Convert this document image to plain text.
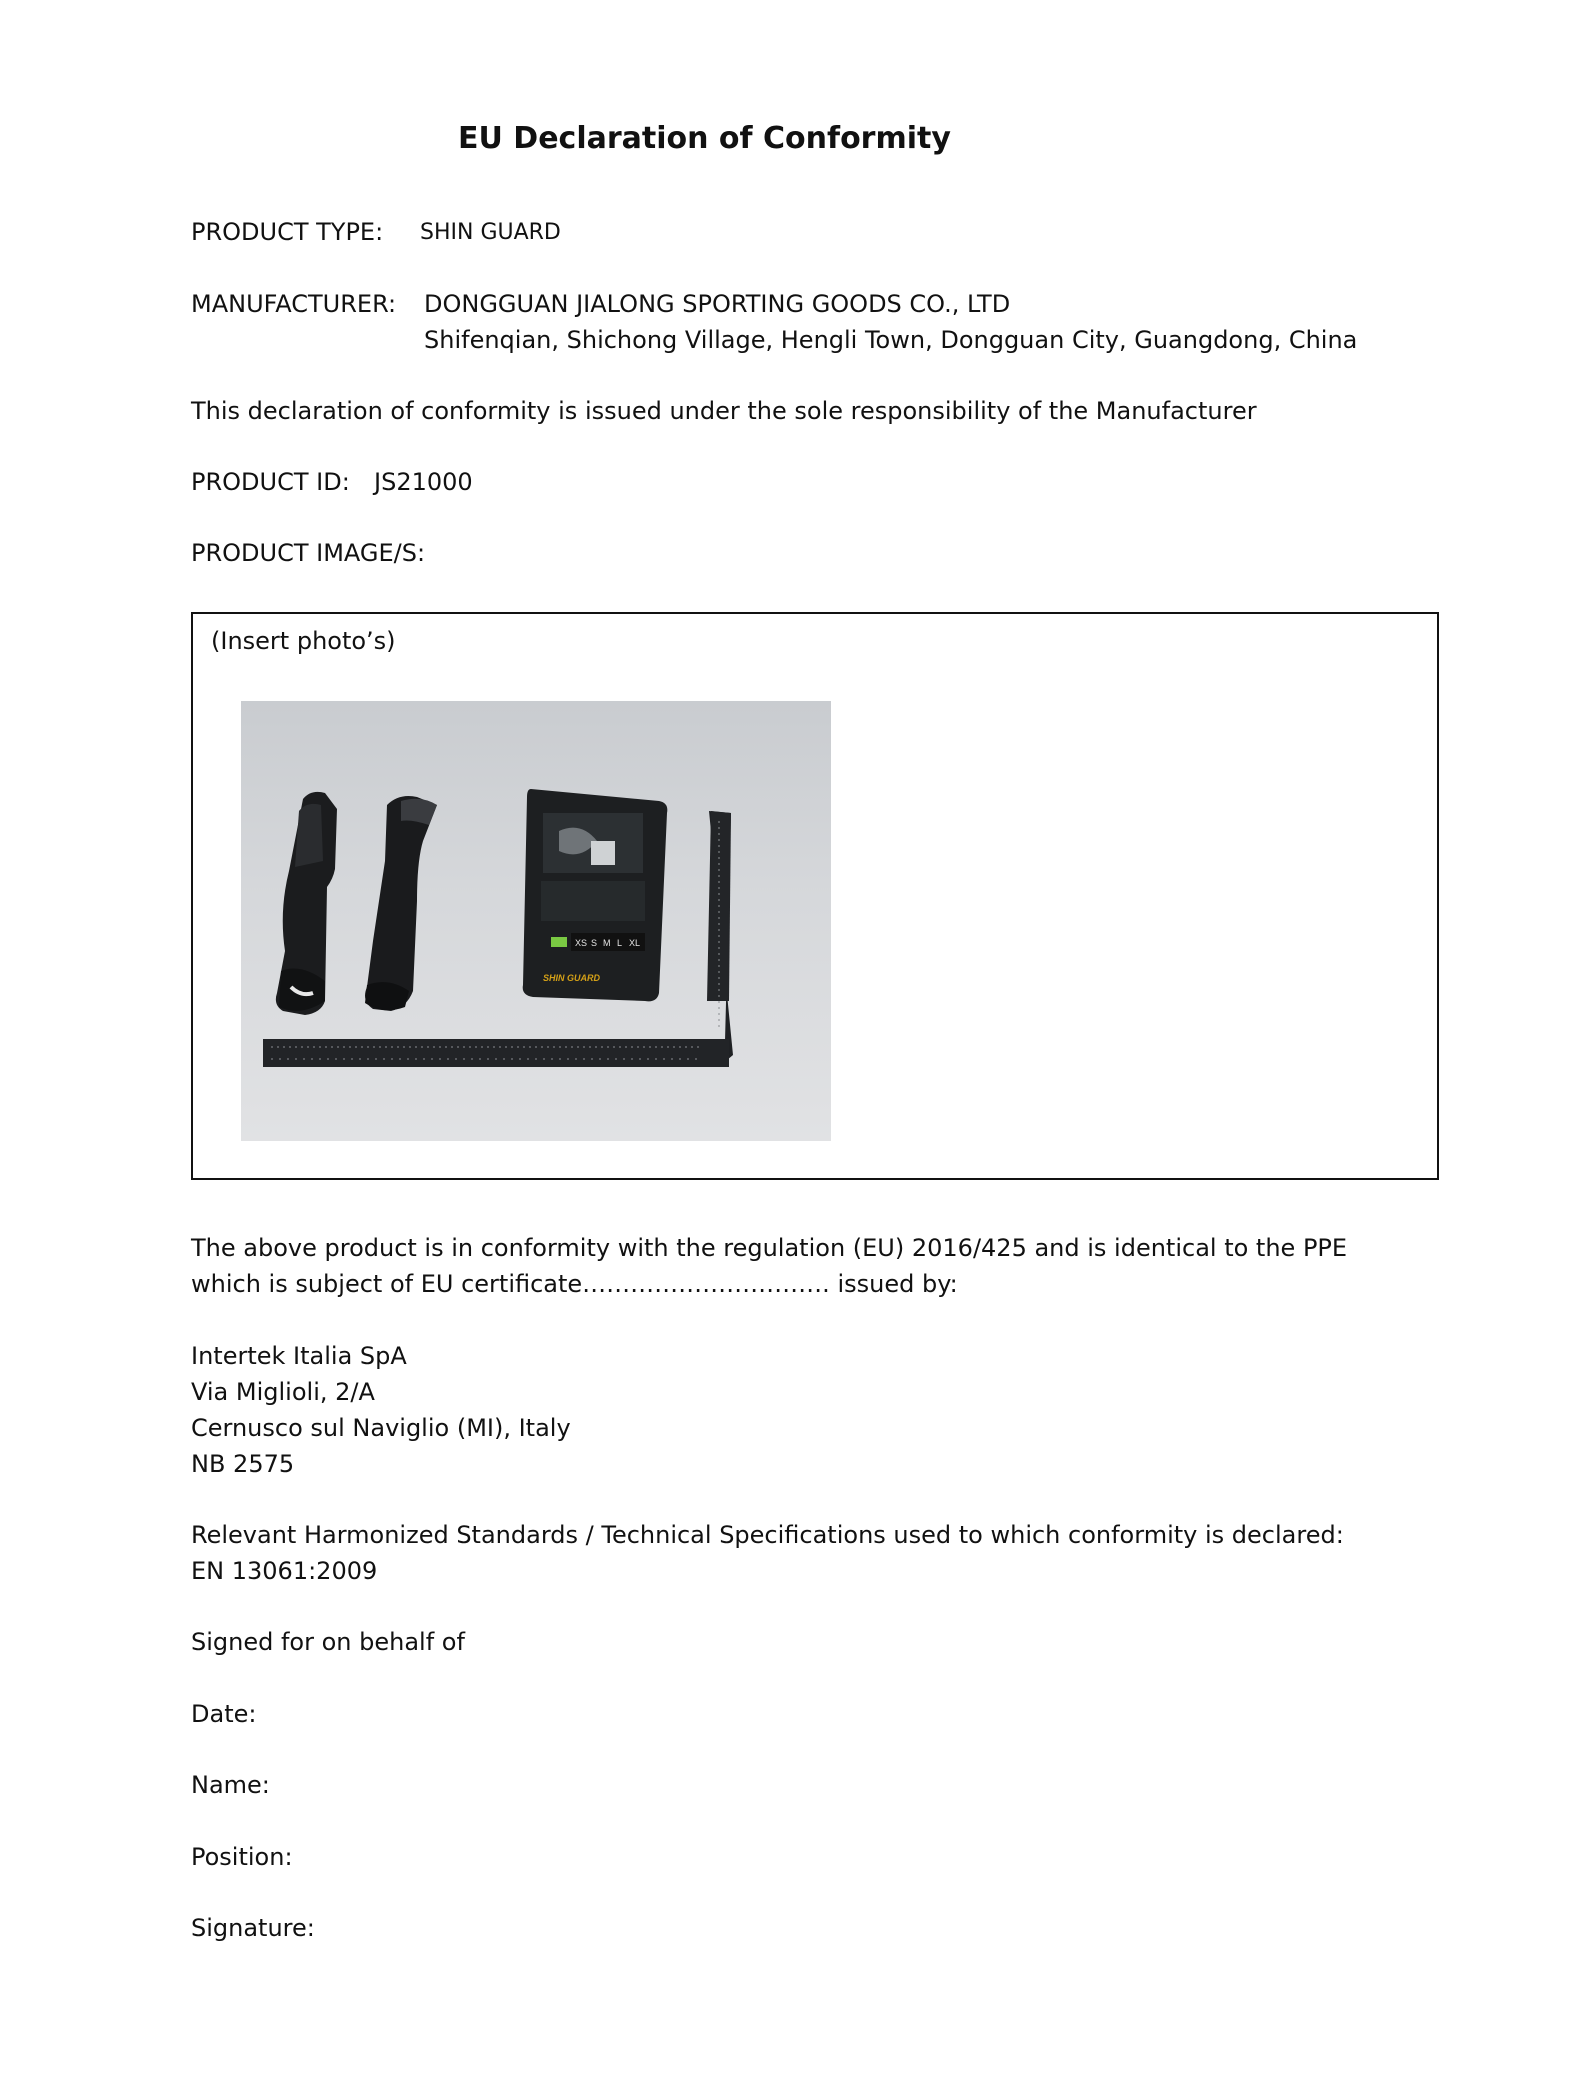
EU Declaration of Conformity
PRODUCT TYPE: SHIN GUARD
MANUFACTURER: DONGGUAN JIALONG SPORTING GOODS CO., LTD
Shifenqian, Shichong Village, Hengli Town, Dongguan City, Guangdong, China
This declaration of conformity is issued under the sole responsibility of the Manufacturer
PRODUCT ID: JS21000
PRODUCT IMAGE/S:
(Insert photo’s)
XS S M L XL
SHIN GUARD
The above product is in conformity with the regulation (EU) 2016/425 and is identical to the PPE
which is subject of EU certificate…………………………. issued by:
Intertek Italia SpA
Via Miglioli, 2/A
Cernusco sul Naviglio (MI), Italy
NB 2575
Relevant Harmonized Standards / Technical Specifications used to which conformity is declared:
EN 13061:2009
Signed for on behalf of
Date:
Name:
Position:
Signature:
